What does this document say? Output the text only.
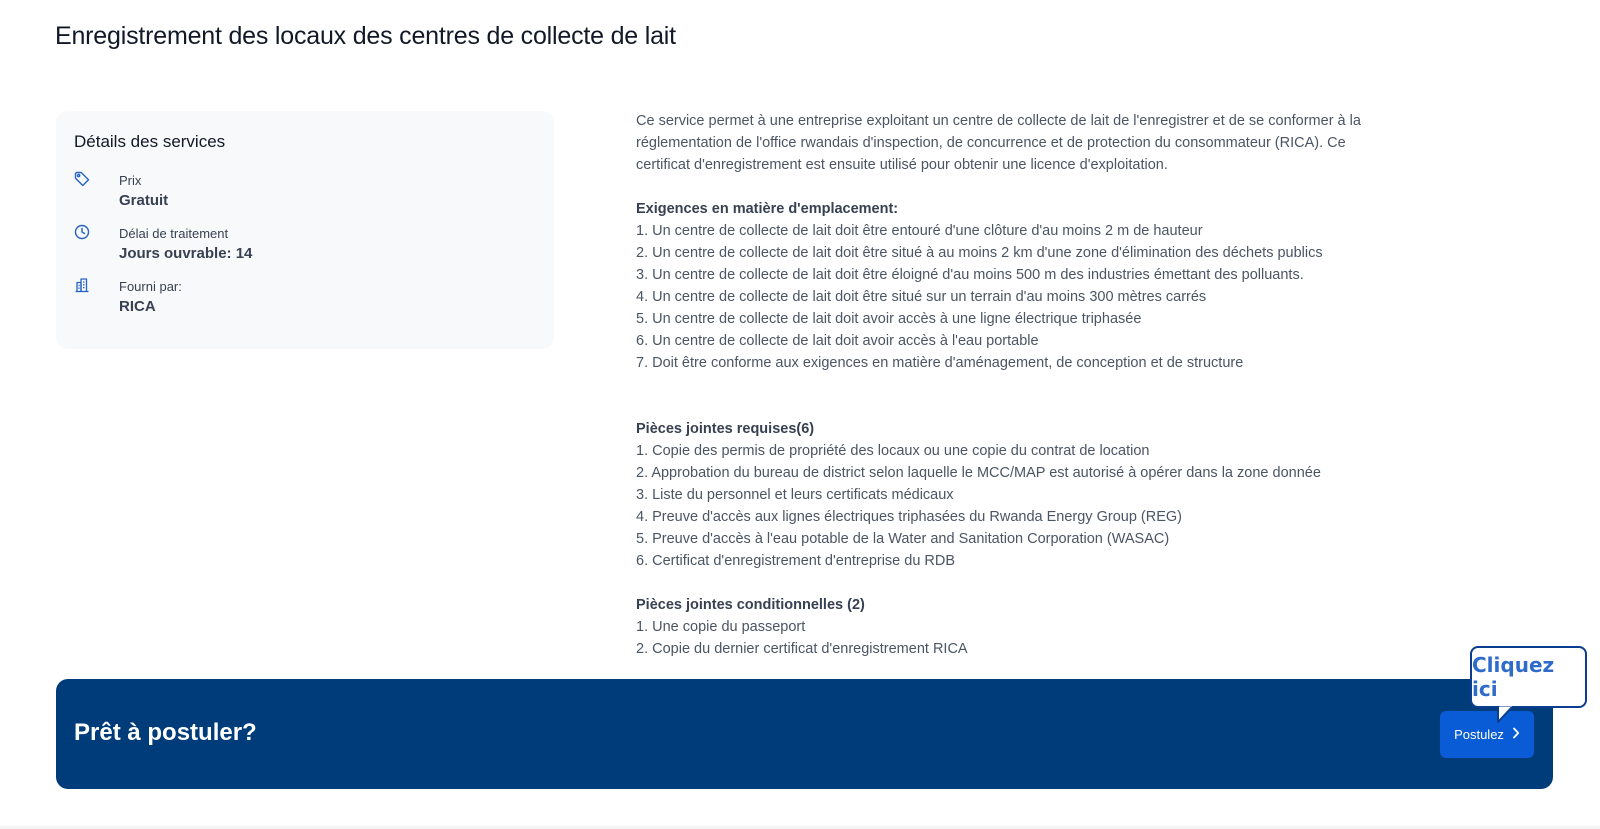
Enregistrement des locaux des centres de collecte de lait
Détails des services
Prix
Gratuit
Délai de traitement
Jours ouvrable: 14
Fourni par:
RICA

Ce service permet à une entreprise exploitant un centre de collecte de lait de l'enregistrer et de se conformer à la

réglementation de l'office rwandais d'inspection, de concurrence et de protection du consommateur (RICA). Ce

certificat d'enregistrement est ensuite utilisé pour obtenir une licence d'exploitation.

Exigences en matière d'emplacement:

1. Un centre de collecte de lait doit être entouré d'une clôture d'au moins 2 m de hauteur

2. Un centre de collecte de lait doit être situé à au moins 2 km d'une zone d'élimination des déchets publics

3. Un centre de collecte de lait doit être éloigné d'au moins 500 m des industries émettant des polluants.

4. Un centre de collecte de lait doit être situé sur un terrain d'au moins 300 mètres carrés

5. Un centre de collecte de lait doit avoir accès à une ligne électrique triphasée

6. Un centre de collecte de lait doit avoir accès à l'eau portable

7. Doit être conforme aux exigences en matière d'aménagement, de conception et de structure

Pièces jointes requises(6)

1. Copie des permis de propriété des locaux ou une copie du contrat de location

2. Approbation du bureau de district selon laquelle le MCC/MAP est autorisé à opérer dans la zone donnée

3. Liste du personnel et leurs certificats médicaux

4. Preuve d'accès aux lignes électriques triphasées du Rwanda Energy Group (REG)

5. Preuve d'accès à l'eau potable de la Water and Sanitation Corporation (WASAC)

6. Certificat d'enregistrement d'entreprise du RDB

Pièces jointes conditionnelles (2)

1. Une copie du passeport

2. Copie du dernier certificat d'enregistrement RICA

Prêt à postuler?	Postulez
Cliquez ici
